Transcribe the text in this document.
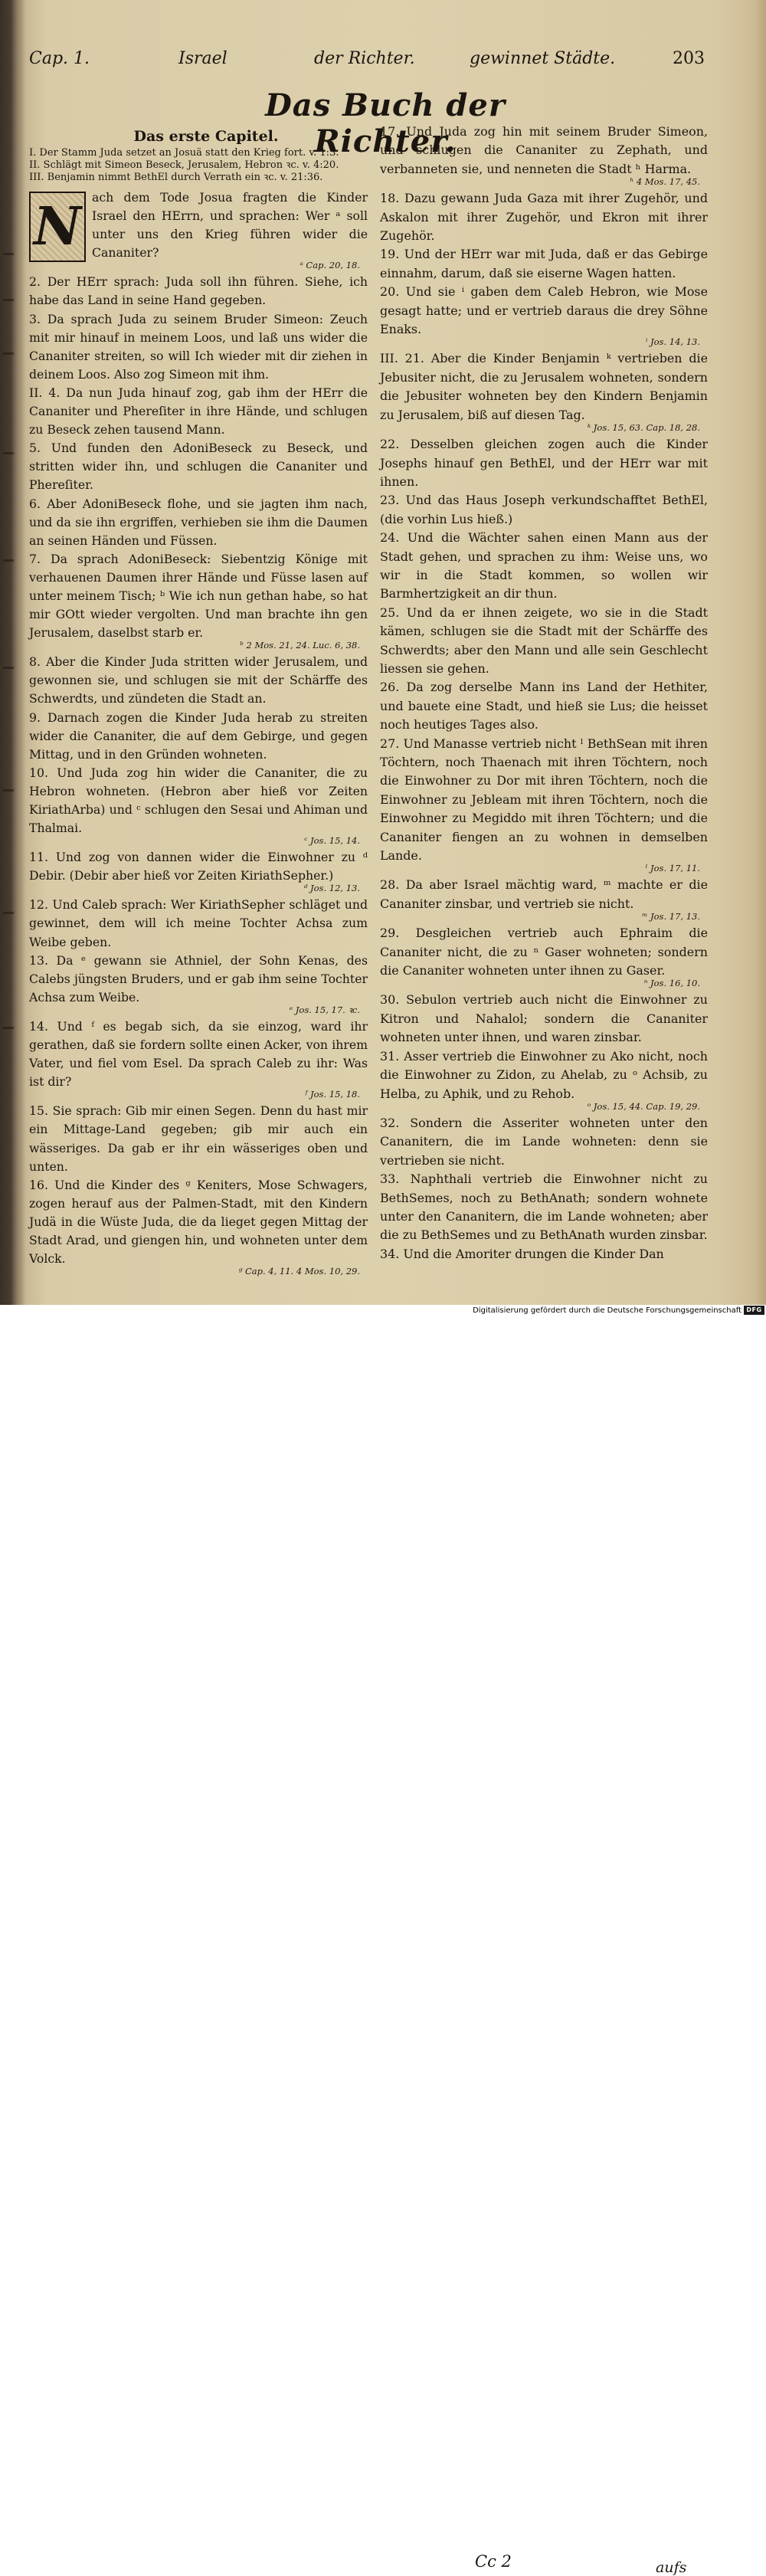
Cap. 1.	Israel	der Richter.	gewinnet Städte.	203
Das Buch der Richter.
Das erste Capitel.

I. Der Stamm Juda setzet an Josuä statt den Krieg fort. v. 1:3.

II. Schlägt mit Simeon Beseck, Jerusalem, Hebron ꝛc. v. 4:20.

III. Benjamin nimmt BethEl durch Verrath ein ꝛc. v. 21:36.

N ach dem Tode Josua fragten die Kinder Israel den HErrn, und sprachen: Wer ᵃ soll unter uns den Krieg führen wider die Cananiter?
ᵃ Cap. 20, 18.
2. Der HErr sprach: Juda soll ihn führen. Siehe, ich habe das Land in seine Hand gegeben.
3. Da sprach Juda zu seinem Bruder Simeon: Zeuch mit mir hinauf in meinem Loos, und laß uns wider die Cananiter streiten, so will Ich wieder mit dir ziehen in deinem Loos. Also zog Simeon mit ihm.
II. 4. Da nun Juda hinauf zog, gab ihm der HErr die Cananiter und Phereſiter in ihre Hände, und schlugen zu Beseck zehen tausend Mann.
5. Und funden den AdoniBeseck zu Beseck, und stritten wider ihn, und schlugen die Cananiter und Phereſiter.
6. Aber AdoniBeseck flohe, und sie jagten ihm nach, und da sie ihn ergriffen, verhieben sie ihm die Daumen an seinen Händen und Füssen.
7. Da sprach AdoniBeseck: Siebentzig Könige mit verhauenen Daumen ihrer Hände und Füsse lasen auf unter meinem Tisch; ᵇ Wie ich nun gethan habe, so hat mir GOtt wieder vergolten. Und man brachte ihn gen Jerusalem, daselbst starb er.
ᵇ 2 Mos. 21, 24. Luc. 6, 38.
8. Aber die Kinder Juda stritten wider Jerusalem, und gewonnen sie, und schlugen sie mit der Schärffe des Schwerdts, und zündeten die Stadt an.
9. Darnach zogen die Kinder Juda herab zu streiten wider die Cananiter, die auf dem Gebirge, und gegen Mittag, und in den Gründen wohneten.
10. Und Juda zog hin wider die Cananiter, die zu Hebron wohneten. (Hebron aber hieß vor Zeiten KiriathArba) und ᶜ schlugen den Sesai und Ahiman und Thalmai.
ᶜ Jos. 15, 14.
11. Und zog von dannen wider die Einwohner zu ᵈ Debir. (Debir aber hieß vor Zeiten KiriathSepher.)
ᵈ Jos. 12, 13.
12. Und Caleb sprach: Wer KiriathSepher schläget und gewinnet, dem will ich meine Tochter Achsa zum Weibe geben.
13. Da ᵉ gewann sie Athniel, der Sohn Kenas, des Calebs jüngsten Bruders, und er gab ihm seine Tochter Achsa zum Weibe.
ᵉ Jos. 15, 17. ꝛc.
14. Und ᶠ es begab sich, da sie einzog, ward ihr gerathen, daß sie fordern sollte einen Acker, von ihrem Vater, und fiel vom Esel. Da sprach Caleb zu ihr: Was ist dir?
ᶠ Jos. 15, 18.
15. Sie sprach: Gib mir einen Segen. Denn du hast mir ein Mittage-Land gegeben; gib mir auch ein wässeriges. Da gab er ihr ein wässeriges oben und unten.
16. Und die Kinder des ᵍ Keniters, Mose Schwagers, zogen herauf aus der Palmen-Stadt, mit den Kindern Judä in die Wüste Juda, die da lieget gegen Mittag der Stadt Arad, und giengen hin, und wohneten unter dem Volck.
ᵍ Cap. 4, 11. 4 Mos. 10, 29.
17. Und Juda zog hin mit seinem Bruder Simeon, und schlugen die Cananiter zu Zephath, und verbanneten sie, und nenneten die Stadt ʰ Harma.
ʰ 4 Mos. 17, 45.
18. Dazu gewann Juda Gaza mit ihrer Zugehör, und Askalon mit ihrer Zugehör, und Ekron mit ihrer Zugehör.
19. Und der HErr war mit Juda, daß er das Gebirge einnahm, darum, daß sie eiserne Wagen hatten.
20. Und sie ⁱ gaben dem Caleb Hebron, wie Mose gesagt hatte; und er vertrieb daraus die drey Söhne Enaks.
ⁱ Jos. 14, 13.
III. 21. Aber die Kinder Benjamin ᵏ vertrieben die Jebusiter nicht, die zu Jerusalem wohneten, sondern die Jebusiter wohneten bey den Kindern Benjamin zu Jerusalem, biß auf diesen Tag.
ᵏ Jos. 15, 63. Cap. 18, 28.
22. Desselben gleichen zogen auch die Kinder Josephs hinauf gen BethEl, und der HErr war mit ihnen.
23. Und das Haus Joseph verkundschafftet BethEl, (die vorhin Lus hieß.)
24. Und die Wächter sahen einen Mann aus der Stadt gehen, und sprachen zu ihm: Weise uns, wo wir in die Stadt kommen, so wollen wir Barmhertzigkeit an dir thun.
25. Und da er ihnen zeigete, wo sie in die Stadt kämen, schlugen sie die Stadt mit der Schärffe des Schwerdts; aber den Mann und alle sein Geschlecht liessen sie gehen.
26. Da zog derselbe Mann ins Land der Hethiter, und bauete eine Stadt, und hieß sie Lus; die heisset noch heutiges Tages also.
27. Und Manasse vertrieb nicht ˡ BethSean mit ihren Töchtern, noch Thaenach mit ihren Töchtern, noch die Einwohner zu Dor mit ihren Töchtern, noch die Einwohner zu Jebleam mit ihren Töchtern, noch die Einwohner zu Megiddo mit ihren Töchtern; und die Cananiter fiengen an zu wohnen in demselben Lande.
ˡ Jos. 17, 11.
28. Da aber Israel mächtig ward, ᵐ machte er die Cananiter zinsbar, und vertrieb sie nicht.
ᵐ Jos. 17, 13.
29. Desgleichen vertrieb auch Ephraim die Cananiter nicht, die zu ⁿ Gaser wohneten; sondern die Cananiter wohneten unter ihnen zu Gaser.
ⁿ Jos. 16, 10.
30. Sebulon vertrieb auch nicht die Einwohner zu Kitron und Nahalol; sondern die Cananiter wohneten unter ihnen, und waren zinsbar.
31. Asser vertrieb die Einwohner zu Ako nicht, noch die Einwohner zu Zidon, zu Ahelab, zu ᵒ Achsib, zu Helba, zu Aphik, und zu Rehob.
ᵒ Jos. 15, 44. Cap. 19, 29.
32. Sondern die Asseriter wohneten unter den Cananitern, die im Lande wohneten: denn sie vertrieben sie nicht.
33. Naphthali vertrieb die Einwohner nicht zu BethSemes, noch zu BethAnath; sondern wohnete unter den Cananitern, die im Lande wohneten; aber die zu BethSemes und zu BethAnath wurden zinsbar.
34. Und die Amoriter drungen die Kinder Dan
Cc 2	aufs
Digitalisierung gefördert durch die Deutsche Forschungsgemeinschaft DFG
